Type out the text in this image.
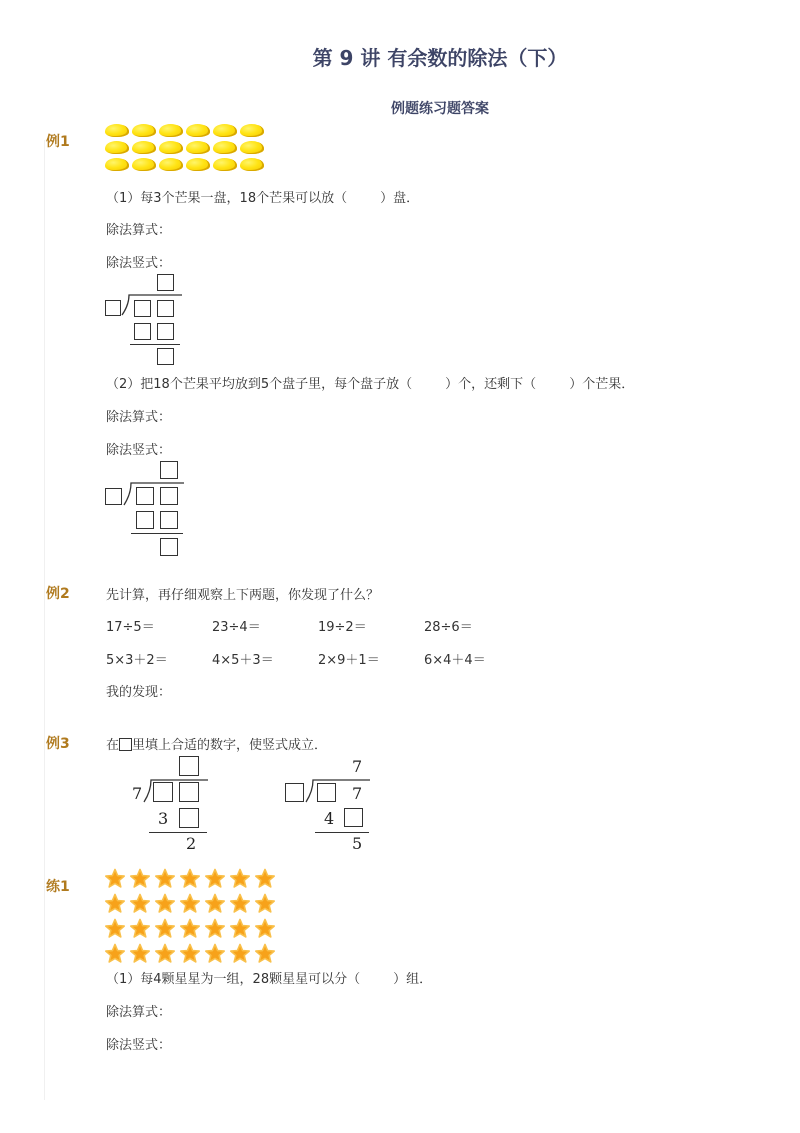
第 9 讲 有余数的除法（下）
例题练习题答案
例1
（1）每3个芒果一盘，18个芒果可以放（        ）盘．
除法算式：
除法竖式：
（2）把18个芒果平均放到5个盘子里，每个盘子放（        ）个，还剩下（        ）个芒果．
除法算式：
除法竖式：
例2	先计算，再仔细观察上下两题，你发现了什么？
17÷5＝	23÷4＝	19÷2＝	28÷6＝
5×3＋2＝	4×5＋3＝	2×9＋1＝	6×4＋4＝
我的发现：
例3	在 里填上合适的数字，使竖式成立．
7
3
2
7
7
4
5
练1
（1）每4颗星星为一组，28颗星星可以分（        ）组．
除法算式：
除法竖式：
